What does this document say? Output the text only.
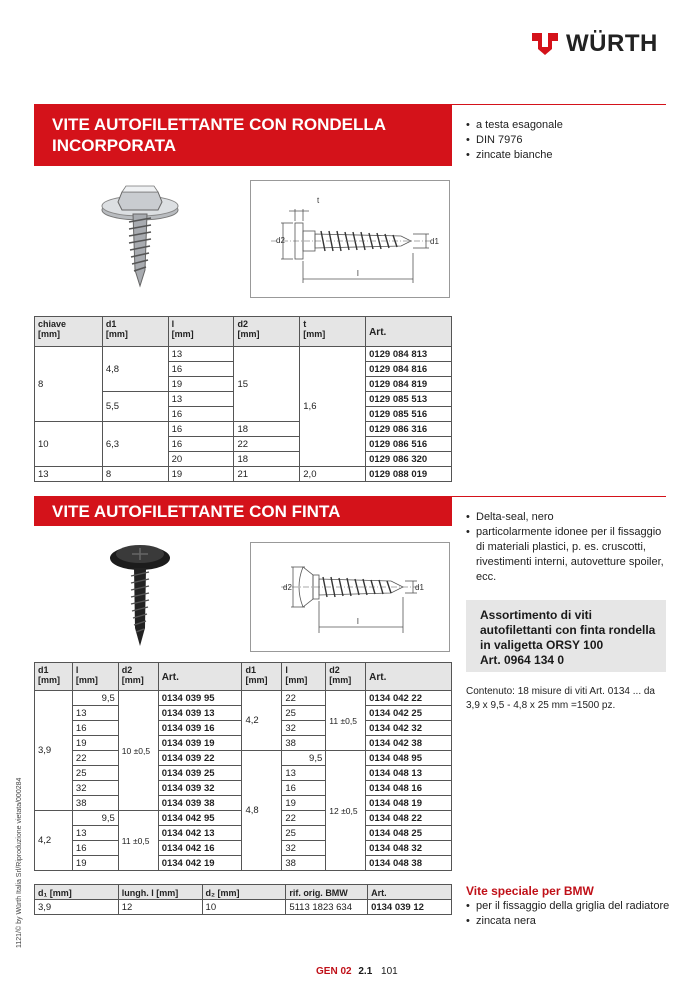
WÜRTH
VITE AUTOFILETTANTE CON RONDELLA
INCORPORATA
• a testa esagonale
• DIN 7976
• zincate bianche
t
d2	d1
l
chiave
[mm]	d1
[mm]	l
[mm]	d2
[mm]	t
[mm]	Art.
8	4,8	13	15	1,6	0129 084 813
		16			0129 084 816
		19			0129 084 819
	5,5	13			0129 085 513
		16			0129 085 516
10	6,3	16	18		0129 086 316
		16	22		0129 086 516
		20	18		0129 086 320
13	8	19	21	2,0	0129 088 019
VITE AUTOFILETTANTE CON FINTA RONDELLA
• Delta-seal, nero
• particolarmente idonee per il fissaggio di materiali plastici, p. es. cruscotti, rivestimenti interni, autovetture spoiler, ecc.
d2	d1
l	Assortimento di viti
autofilettanti con finta rondella
in valigetta ORSY 100
Art. 0964 134 0
Contenuto: 18 misure di viti Art. 0134 ... da
3,9 x 9,5 - 4,8 x 25 mm =1500 pz.
d1
[mm]	l
[mm]	d2
[mm]	Art.	d1
[mm]	l
[mm]	d2
[mm]	Art.
3,9	9,5	10 ±0,5	0134 039 95	4,2	22	11 ±0,5	0134 042 22
	13		0134 039 13		25		0134 042 25
	16		0134 039 16		32		0134 042 32
	19		0134 039 19		38		0134 042 38
	22		0134 039 22	4,8	9,5	12 ±0,5	0134 048 95
	25		0134 039 25		13		0134 048 13
	32		0134 039 32		16		0134 048 16
	38		0134 039 38		19		0134 048 19
4,2	9,5	11 ±0,5	0134 042 95		22		0134 048 22
	13		0134 042 13		25		0134 048 25
	16		0134 042 16		32		0134 048 32
	19		0134 042 19		38		0134 048 38
d₁ [mm]	lungh. l [mm]	d₂ [mm]	rif. orig. BMW	Art.
3,9	12	10	5113 1823 634	0134 039 12
Vite speciale per BMW
• per il fissaggio della griglia del radiatore
• zincata nera
1121/© by Würth Italia Srl/Riproduzione vietata/000284
GEN 02 2.1 101
